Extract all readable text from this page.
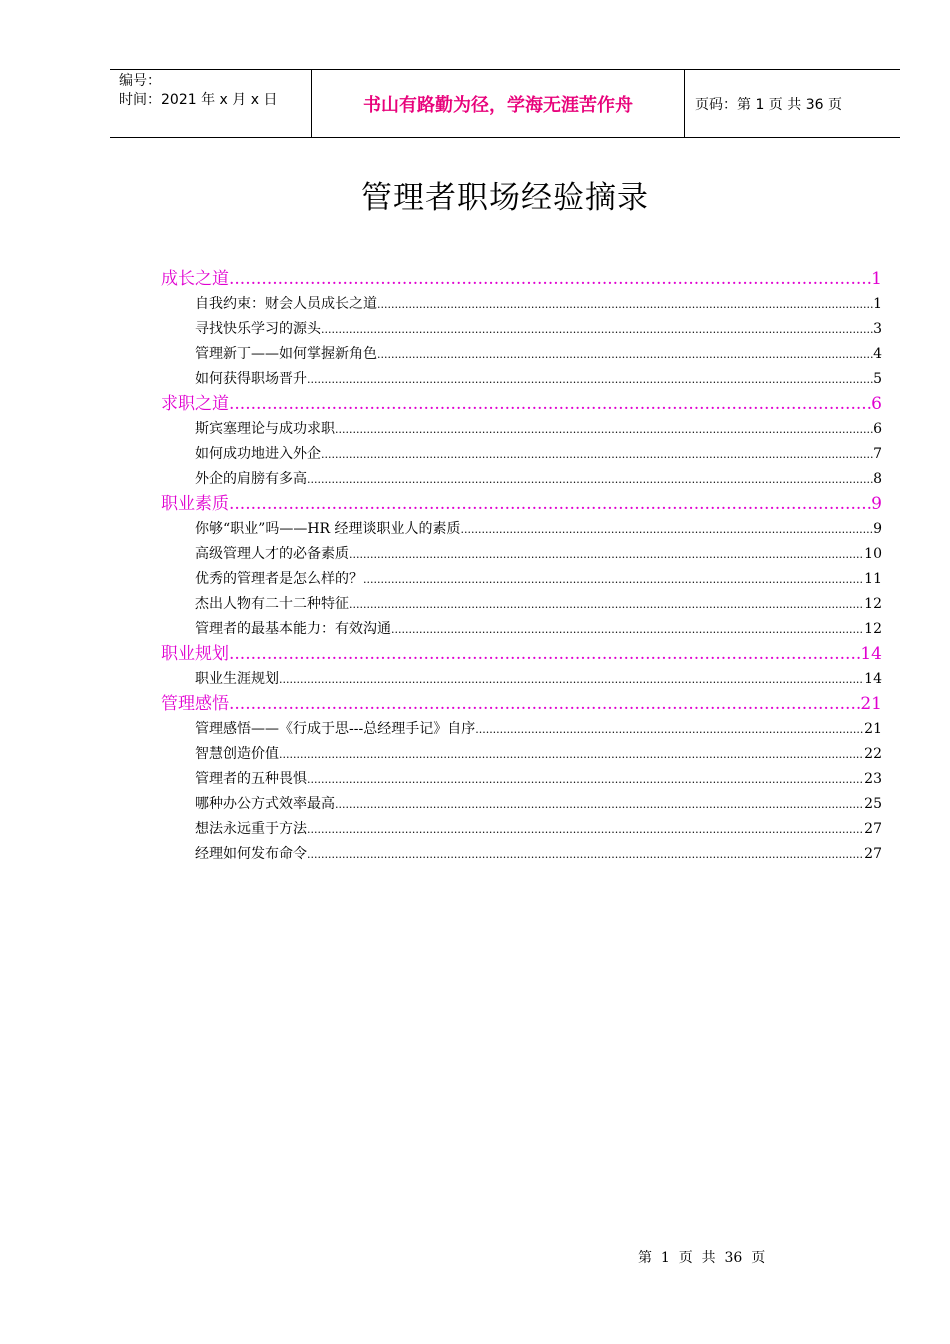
编号：
时间：2021 年 x 月 x 日	书山有路勤为径，学海无涯苦作舟	页码：第 1 页 共 36 页
管理者职场经验摘录
成长之道 .....	1
自我约束：财会人员成长之道 .....	1
寻找快乐学习的源头 .....	3
管理新丁——如何掌握新角色 .....	4
如何获得职场晋升 .....	5
求职之道 .....	6
斯宾塞理论与成功求职 .....	6
如何成功地进入外企 .....	7
外企的肩膀有多高 .....	8
职业素质 .....	9
你够“职业”吗——HR 经理谈职业人的素质 .....	9
高级管理人才的必备素质 .....	10
优秀的管理者是怎么样的？ .....	11
杰出人物有二十二种特征 .....	12
管理者的最基本能力：有效沟通 .....	12
职业规划 .....	14
职业生涯规划 .....	14
管理感悟 .....	21
管理感悟——《行成于思---总经理手记》自序 .....	21
智慧创造价值 .....	22
管理者的五种畏惧 .....	23
哪种办公方式效率最高 .....	25
想法永远重于方法 .....	27
经理如何发布命令 .....	27
第  1  页  共  36  页
